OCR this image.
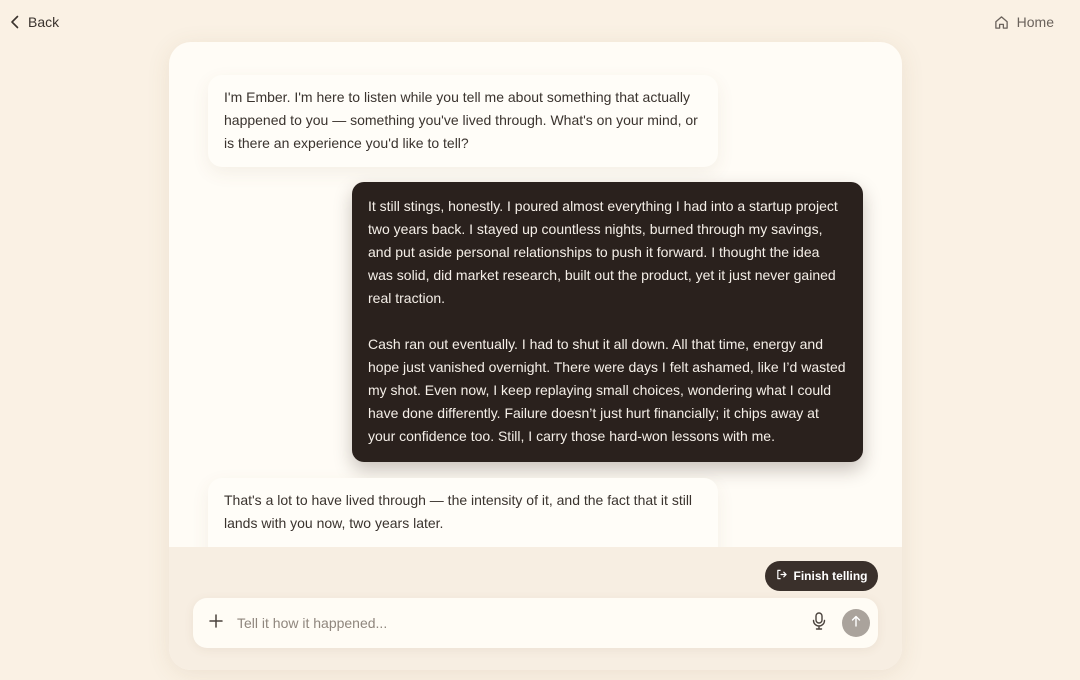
Back	Home
I'm Ember. I'm here to listen while you tell me about something that actually happened to you — something you've lived through. What's on your mind, or is there an experience you'd like to tell?
It still stings, honestly. I poured almost everything I had into a startup project two years back. I stayed up countless nights, burned through my savings, and put aside personal relationships to push it forward. I thought the idea was solid, did market research, built out the product, yet it just never gained real traction.

Cash ran out eventually. I had to shut it all down. All that time, energy and hope just vanished overnight. There were days I felt ashamed, like I’d wasted my shot. Even now, I keep replaying small choices, wondering what I could have done differently. Failure doesn’t just hurt financially; it chips away at your confidence too. Still, I carry those hard-won lessons with me.
That's a lot to have lived through — the intensity of it, and the fact that it still lands with you now, two years later.
Finish telling
Tell it how it happened...
